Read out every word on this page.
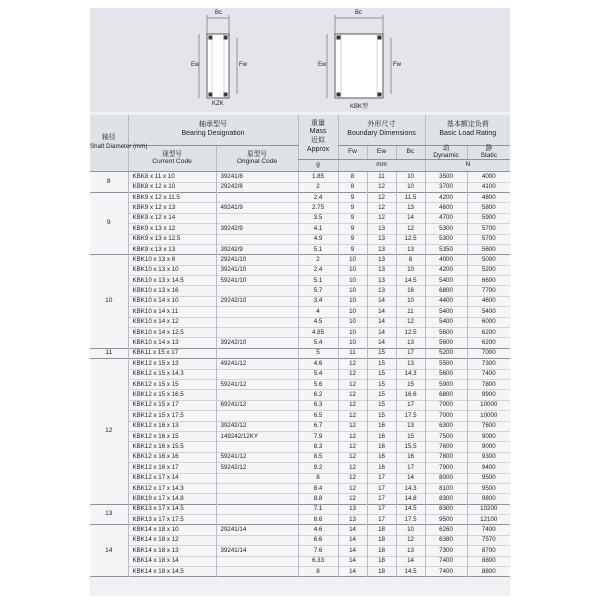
Bc
Ew	Fw
KZK
Bc
Ew	Fw
KBK型
轴径
Shaft Diameter (mm)	轴承型号
Bearing Designation		重量
Mass
近似
Approx	外形尺寸
Boundary Dimensions			基本额定负荷
Basic Load Rating	
	现型号
Current Code	原型号
Original Code		Fw	Ew	Bc	动
Dynamic	静
Static
			g	mm			N	
8	KBK8 x 11 x 10	39241/8	1.85	8	11	10	3500	4000
	KBK8 x 12 x 10	29242/8	2	8	12	10	3700	4100
9	KBK9 x 12 x 11.5		2.4	9	12	11.5	4200	4800
	KBK9 x 12 x 13	49241/9	2.75	9	12	13	4600	5800
	KBK9 x 12 x 14		3.5	9	12	14	4700	5900
	KBK9 x 13 x 12	39242/9	4.1	9	13	12	5300	5700
	KBK9 x 13 x 12.5		4.9	9	13	12.5	5300	5700
	KBK9 x 13 x 13	39242/9	5.1	9	13	13	5350	5600
10	KBK10 x 13 x 8	29241/10	2	10	13	8	4000	5000
	KBK10 x 13 x 10	39241/10	2.4	10	13	10	4200	5200
	KBK10 x 13 x 14.5	59241/10	5.1	10	13	14.5	5400	6600
	KBK10 x 13 x 16		5.7	10	13	16	6800	7700
	KBK10 x 14 x 10	29242/10	3.4	10	14	10	4400	4600
	KBK10 x 14 x 11		4	10	14	11	5400	5400
	KBK10 x 14 x 12		4.5	10	14	12	5400	6000
	KBK10 x 14 x 12.5		4.85	10	14	12.5	5600	6200
	KBK10 x 14 x 13	39242/10	5.4	10	14	13	5600	6200
11	KBK11 x 15 x 17		5	11	15	17	5200	7000
12	KBK12 x 15 x 13	49241/12	4.6	12	15	13	5500	7300
	KBK12 x 15 x 14.3		5.4	12	15	14.3	5600	7400
	KBK12 x 15 x 15	59241/12	5.6	12	15	15	5900	7800
	KBK12 x 15 x 16.5		6.2	12	15	16.6	6800	9900
	KBK12 x 15 x 17	69241/12	6.3	12	15	17	7000	10000
	KBK12 x 15 x 17.5		6.5	12	15	17.5	7000	10000
	KBK12 x 16 x 13	39242/12	6.7	12	16	13	6300	7600
	KBK12 x 16 x 15	149242/12KY	7.9	12	16	15	7500	9000
	KBK12 x 16 x 15.5		8.3	12	16	15.5	7600	9000
	KBK12 x 16 x 16	59241/12	8.5	12	16	16	7800	9300
	KBK12 x 16 x 17	59242/12	9.2	12	16	17	7900	9400
	KBK12 x 17 x 14		8	12	17	14	8000	9500
	KBK12 x 17 x 14.3		8.4	12	17	14.3	8100	9500
	KBK19 x 17 x 14.8		8.8	12	17	14.8	8300	9800
13	KBK13 x 17 x 14.5		7.1	13	17	14.5	8300	10200
	KBK13 x 17 x 17.5		8.6	13	17	17.5	9500	12100
14	KBK14 x 18 x 10	29241/14	4.6	14	18	10	6260	7400
	KBK14 x 18 x 12		6.6	14	18	12	6380	7570
	KBK14 x 18 x 13	39241/14	7.6	14	18	13	7300	8700
	KBK14 x 18 x 14		6.33	14	18	14	7400	8800
	KBK14 x 18 x 14.5		8	14	18	14.5	7400	8800
